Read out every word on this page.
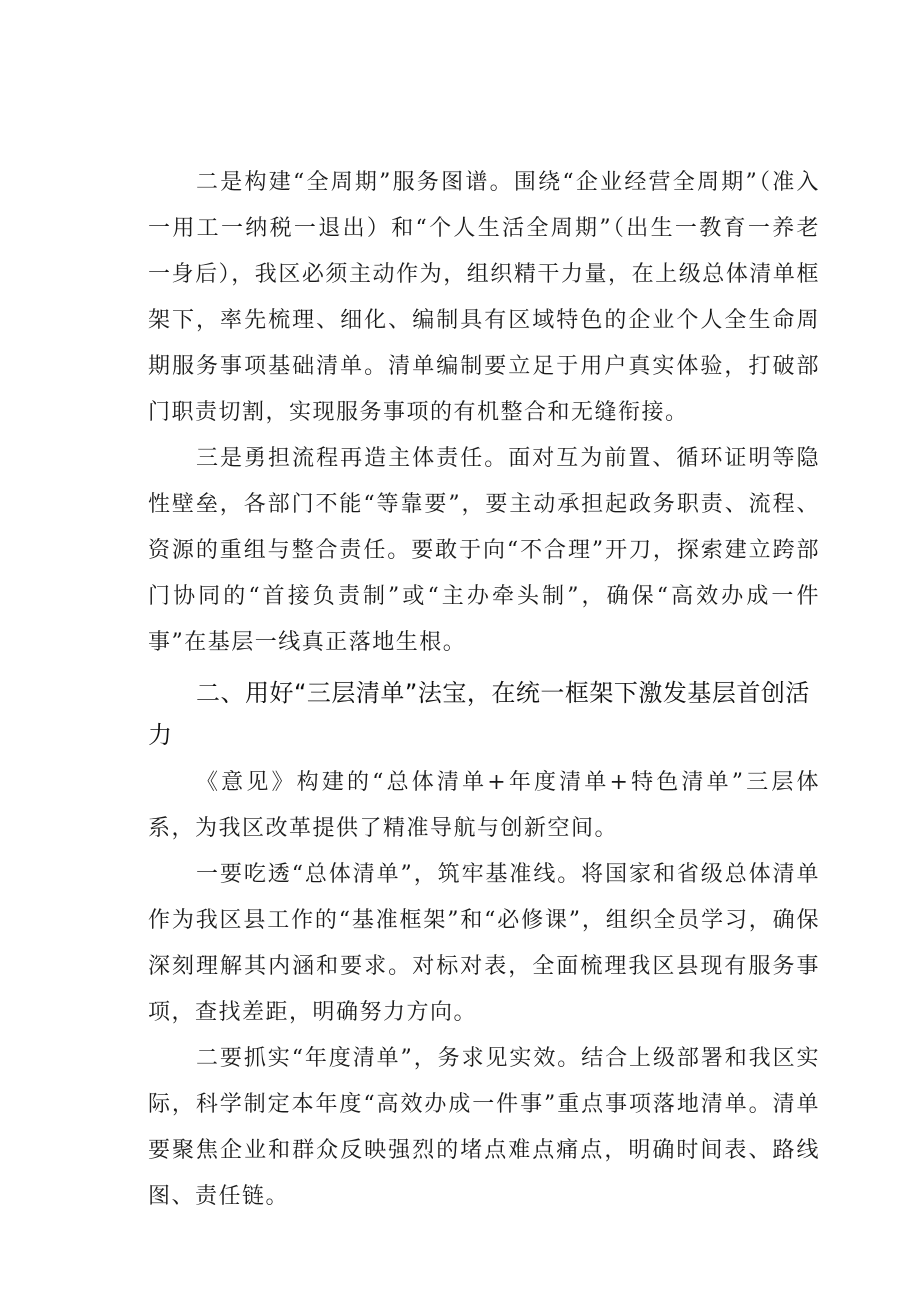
二是构建“全周期”服务图谱。围绕“企业经营全周期”（准入一用工一纳税一退出）和“个人生活全周期”（出生一教育一养老一身后），我区必须主动作为，组织精干力量，在上级总体清单框架下，率先梳理、细化、编制具有区域特色的企业个人全生命周期服务事项基础清单。清单编制要立足于用户真实体验，打破部门职责切割，实现服务事项的有机整合和无缝衔接。

三是勇担流程再造主体责任。面对互为前置、循环证明等隐性壁垒，各部门不能“等靠要”，要主动承担起政务职责、流程、资源的重组与整合责任。要敢于向“不合理”开刀，探索建立跨部门协同的“首接负责制”或“主办牵头制”，确保“高效办成一件事”在基层一线真正落地生根。

二、用好“三层清单”法宝，在统一框架下激发基层首创活力

《意见》构建的“总体清单+年度清单+特色清单”三层体系，为我区改革提供了精准导航与创新空间。

一要吃透“总体清单”，筑牢基准线。将国家和省级总体清单作为我区县工作的“基准框架”和“必修课”，组织全员学习，确保深刻理解其内涵和要求。对标对表，全面梳理我区县现有服务事项，查找差距，明确努力方向。

二要抓实“年度清单”，务求见实效。结合上级部署和我区实际，科学制定本年度“高效办成一件事”重点事项落地清单。清单要聚焦企业和群众反映强烈的堵点难点痛点，明确时间表、路线图、责任链。
